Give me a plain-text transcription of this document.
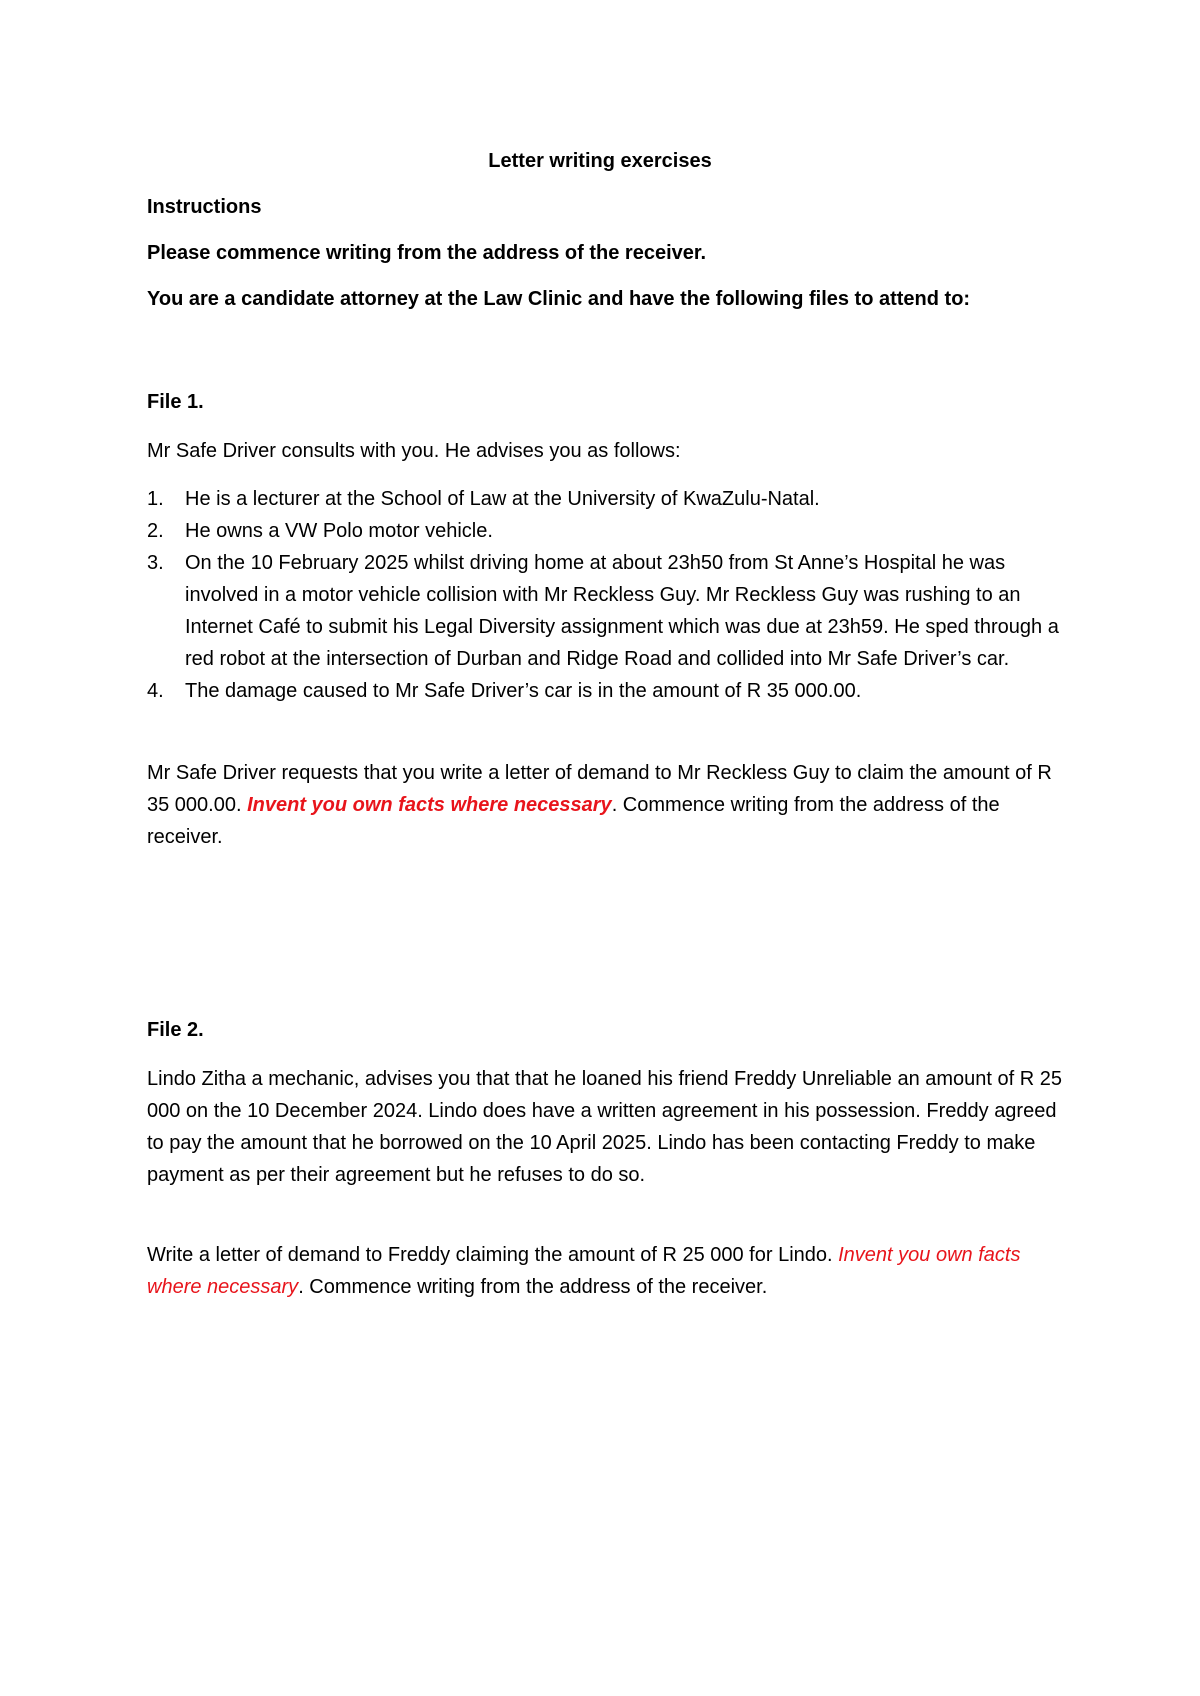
Letter writing exercises

Instructions

Please commence writing from the address of the receiver.

You are a candidate attorney at the Law Clinic and have the following files to attend to:

File 1.

Mr Safe Driver consults with you. He advises you as follows:

1. He is a lecturer at the School of Law at the University of KwaZulu-Natal.
2. He owns a VW Polo motor vehicle.
3. On the 10 February 2025 whilst driving home at about 23h50 from St Anne’s Hospital he was involved in a motor vehicle collision with Mr Reckless Guy. Mr Reckless Guy was rushing to an Internet Café to submit his Legal Diversity assignment which was due at 23h59. He sped through a red robot at the intersection of Durban and Ridge Road and collided into Mr Safe Driver’s car.
4. The damage caused to Mr Safe Driver’s car is in the amount of R 35 000.00.

Mr Safe Driver requests that you write a letter of demand to Mr Reckless Guy to claim the amount of R 35 000.00. Invent you own facts where necessary. Commence writing from the address of the receiver.

File 2.

Lindo Zitha a mechanic, advises you that that he loaned his friend Freddy Unreliable an amount of R 25 000 on the 10 December 2024. Lindo does have a written agreement in his possession. Freddy agreed to pay the amount that he borrowed on the 10 April 2025. Lindo has been contacting Freddy to make payment as per their agreement but he refuses to do so.

Write a letter of demand to Freddy claiming the amount of R 25 000 for Lindo. Invent you own facts where necessary. Commence writing from the address of the receiver.
